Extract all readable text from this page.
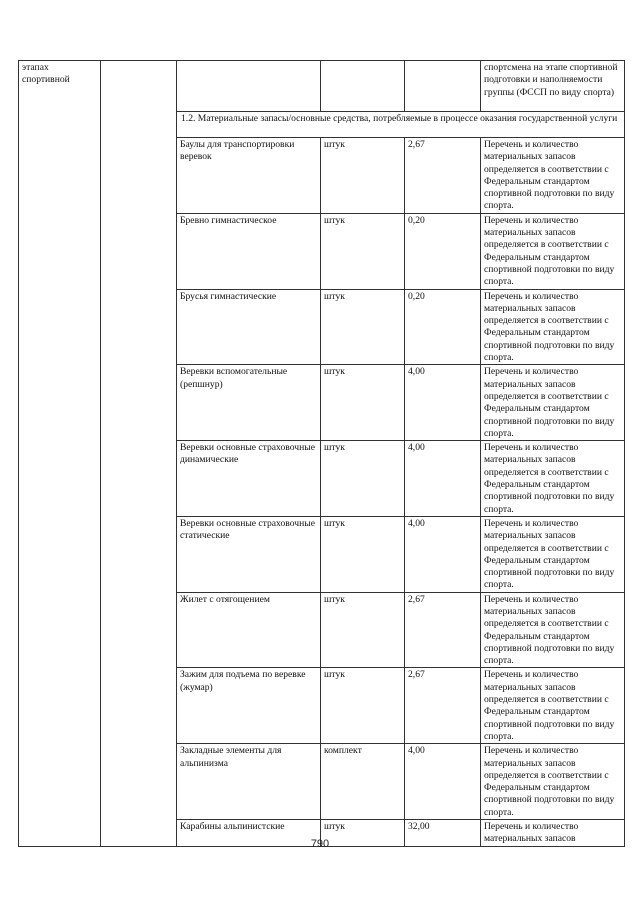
этапах спортивной					спортсмена на этапе спортивной подготовки и наполняемости группы (ФССП по виду спорта)
		1.2. Материальные запасы/основные средства, потребляемые в процессе оказания государственной услуги			
		Баулы для транспортировки веревок	штук	2,67	Перечень и количество материальных запасов определяется в соответствии с Федеральным стандартом спортивной подготовки по виду спорта.
		Бревно гимнастическое	штук	0,20	Перечень и количество материальных запасов определяется в соответствии с Федеральным стандартом спортивной подготовки по виду спорта.
		Брусья гимнастические	штук	0,20	Перечень и количество материальных запасов определяется в соответствии с Федеральным стандартом спортивной подготовки по виду спорта.
		Веревки вспомогательные (репшнур)	штук	4,00	Перечень и количество материальных запасов определяется в соответствии с Федеральным стандартом спортивной подготовки по виду спорта.
		Веревки основные страховочные динамические	штук	4,00	Перечень и количество материальных запасов определяется в соответствии с Федеральным стандартом спортивной подготовки по виду спорта.
		Веревки основные страховочные статические	штук	4,00	Перечень и количество материальных запасов определяется в соответствии с Федеральным стандартом спортивной подготовки по виду спорта.
		Жилет с отягощением	штук	2,67	Перечень и количество материальных запасов определяется в соответствии с Федеральным стандартом спортивной подготовки по виду спорта.
		Зажим для подъема по веревке (жумар)	штук	2,67	Перечень и количество материальных запасов определяется в соответствии с Федеральным стандартом спортивной подготовки по виду спорта.
		Закладные элементы для альпинизма	комплект	4,00	Перечень и количество материальных запасов определяется в соответствии с Федеральным стандартом спортивной подготовки по виду спорта.
		Карабины альпинистские	штук	32,00	Перечень и количество материальных запасов
790
